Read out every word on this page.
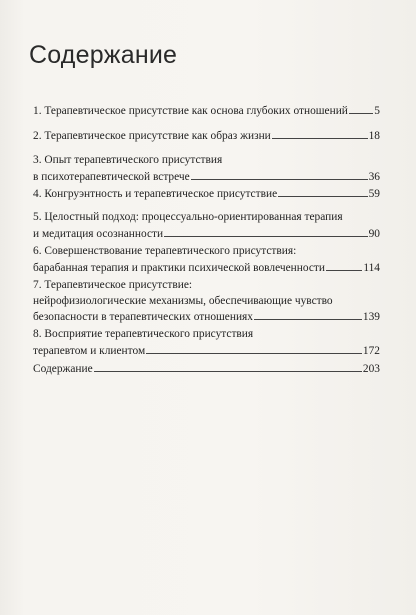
Содержание
1. Терапевтическое присутствие как основа глубоких отношений 5
2. Терапевтическое присутствие как образ жизни	18
3. Опыт терапевтического присутствия
в психотерапевтической встрече	36
4. Конгруэнтность и терапевтическое присутствие	59
5. Целостный подход: процессуально-ориентированная терапия
и медитация осознанности	90
6. Совершенствование терапевтического присутствия:
барабанная терапия и практики психической вовлеченности	114
7. Терапевтическое присутствие:
нейрофизиологические механизмы, обеспечивающие чувство
безопасности в терапевтических отношениях	139
8. Восприятие терапевтического присутствия
терапевтом и клиентом	172
Содержание	203
